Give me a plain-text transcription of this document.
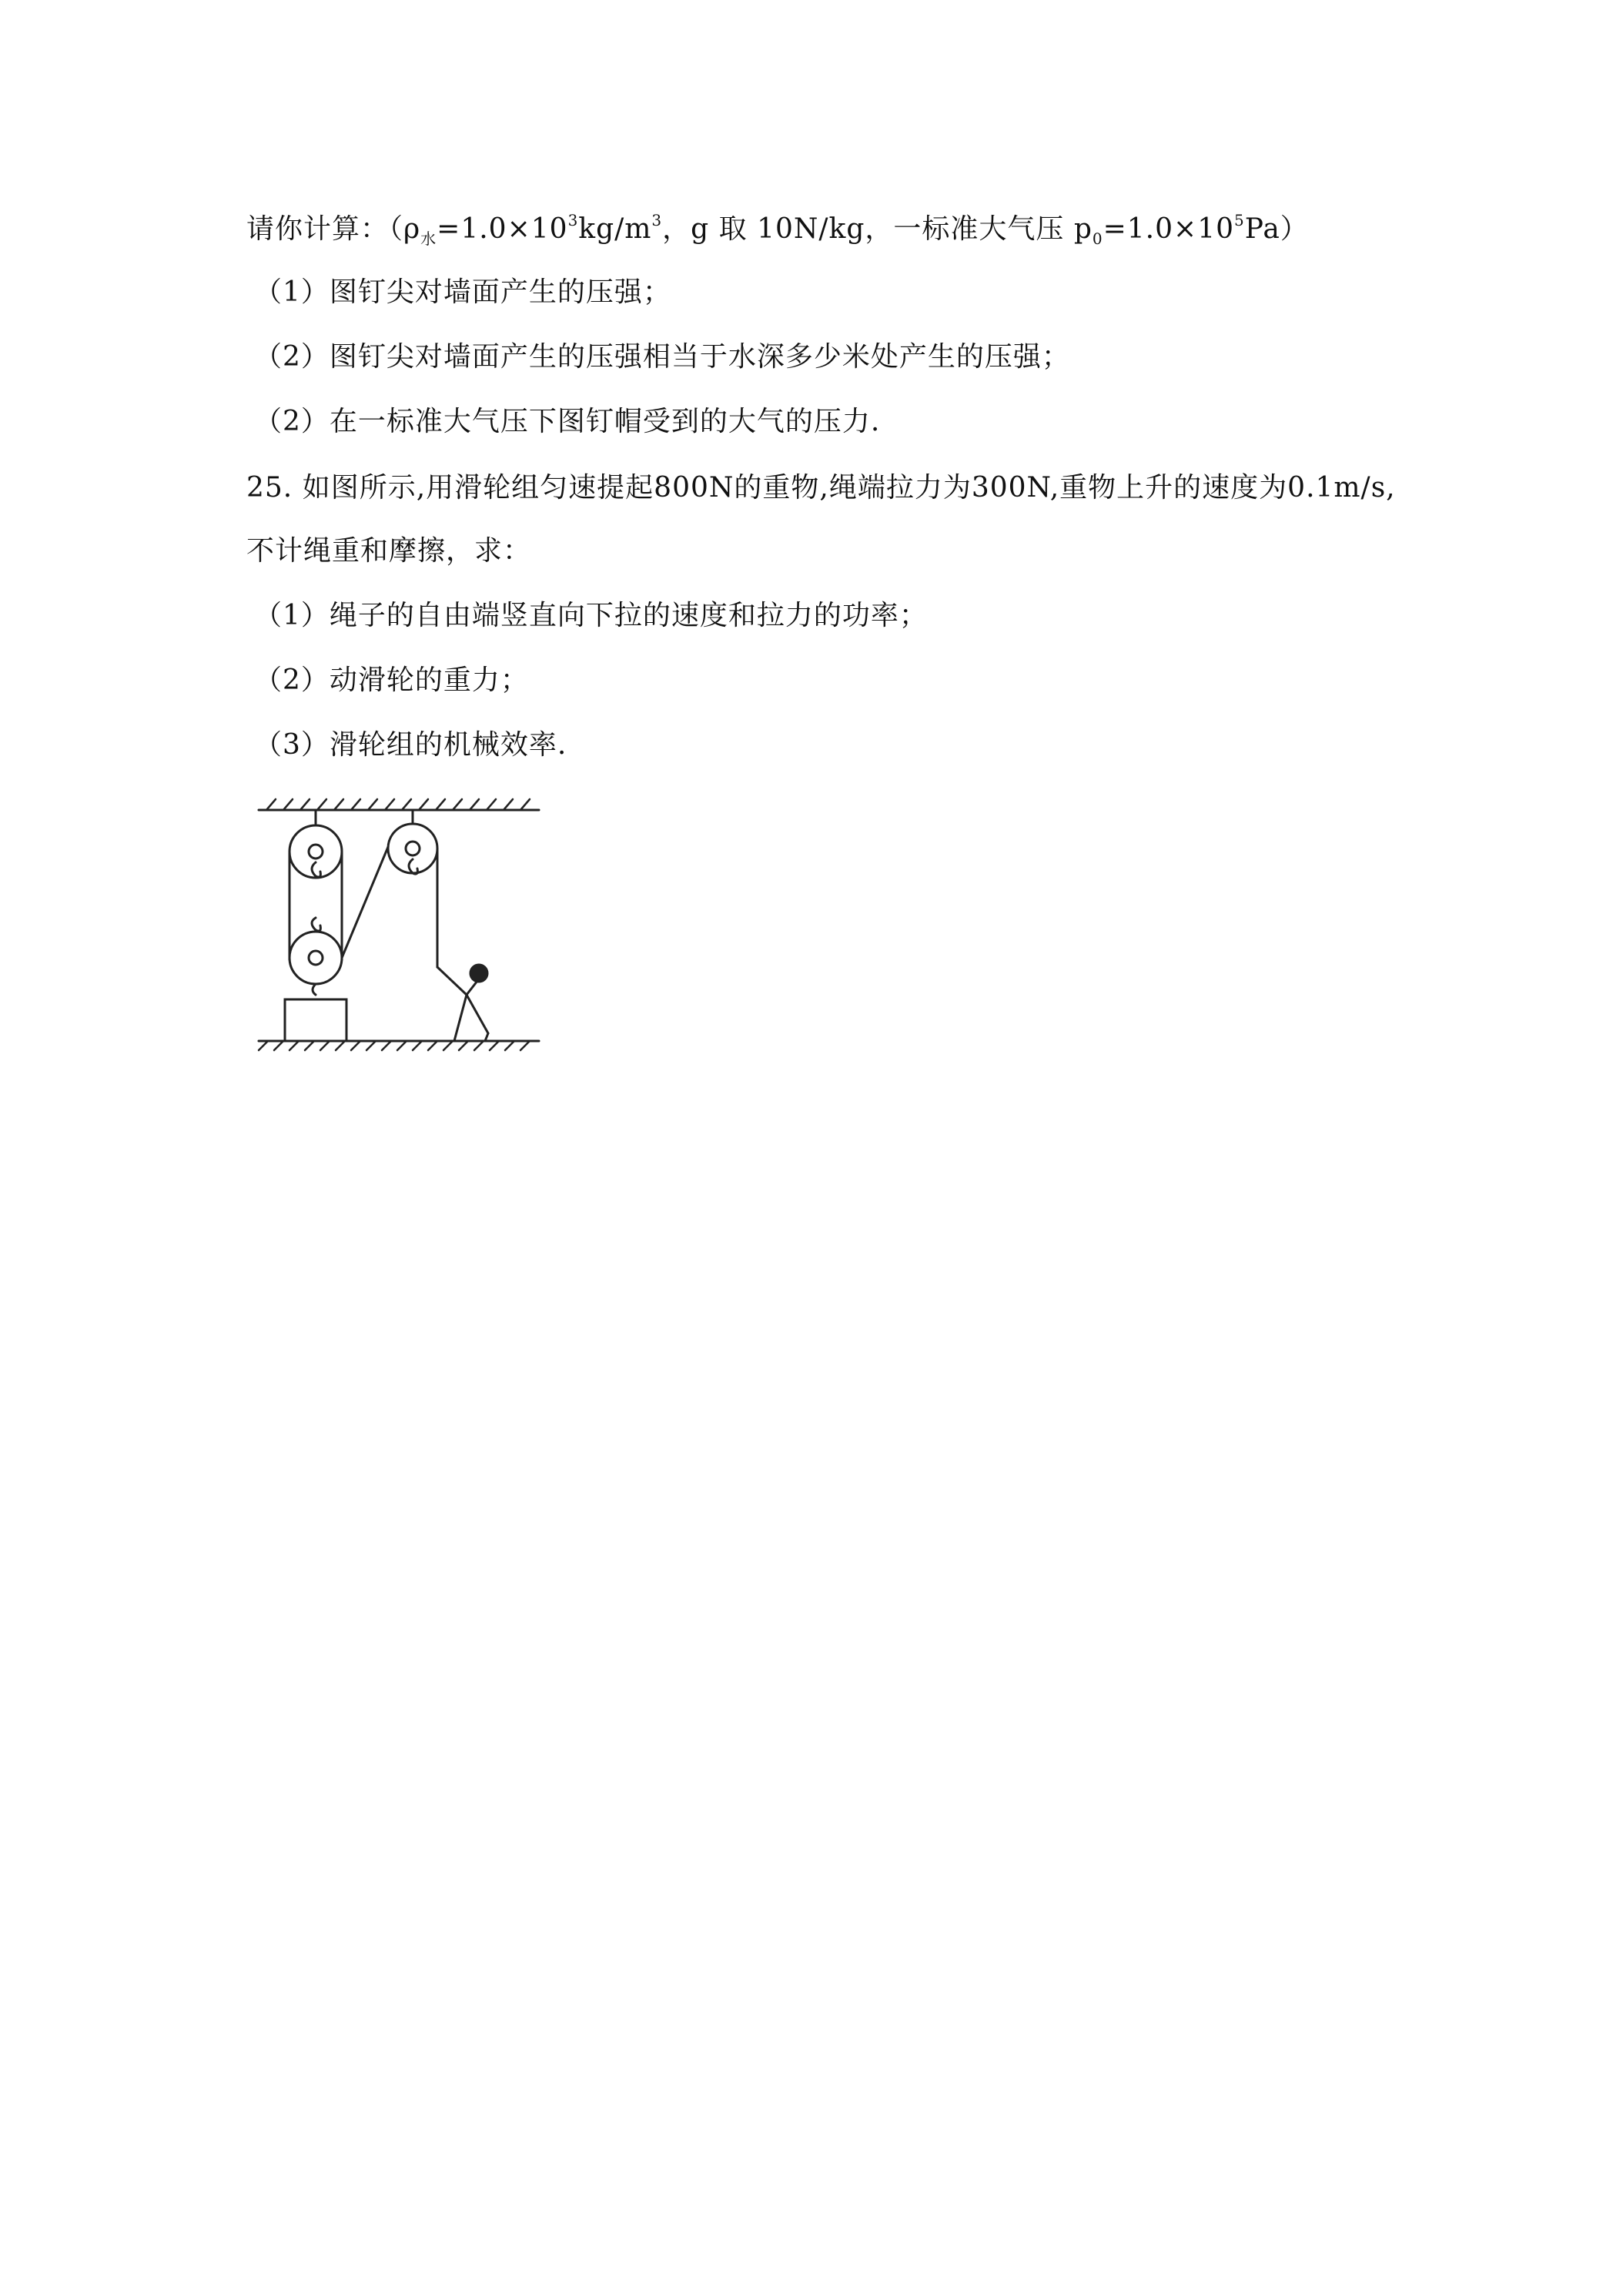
请你计算：（$\rho_水=1.0\times 10^3kg/m^3$，g 取 10N/kg，一标准大气压 $p_0=1.0\times 10^5Pa$）
（1）图钉尖对墙面产生的压强；
（2）图钉尖对墙面产生的压强相当于水深多少米处产生的压强；
（2）在一标准大气压下图钉帽受到的大气的压力.
25. 如图所示,用滑轮组匀速提起800N的重物,绳端拉力为300N,重物上升的速度为0.1m/s,
不计绳重和摩擦，求：
（1）绳子的自由端竖直向下拉的速度和拉力的功率；
（2）动滑轮的重力；
（3）滑轮组的机械效率.
